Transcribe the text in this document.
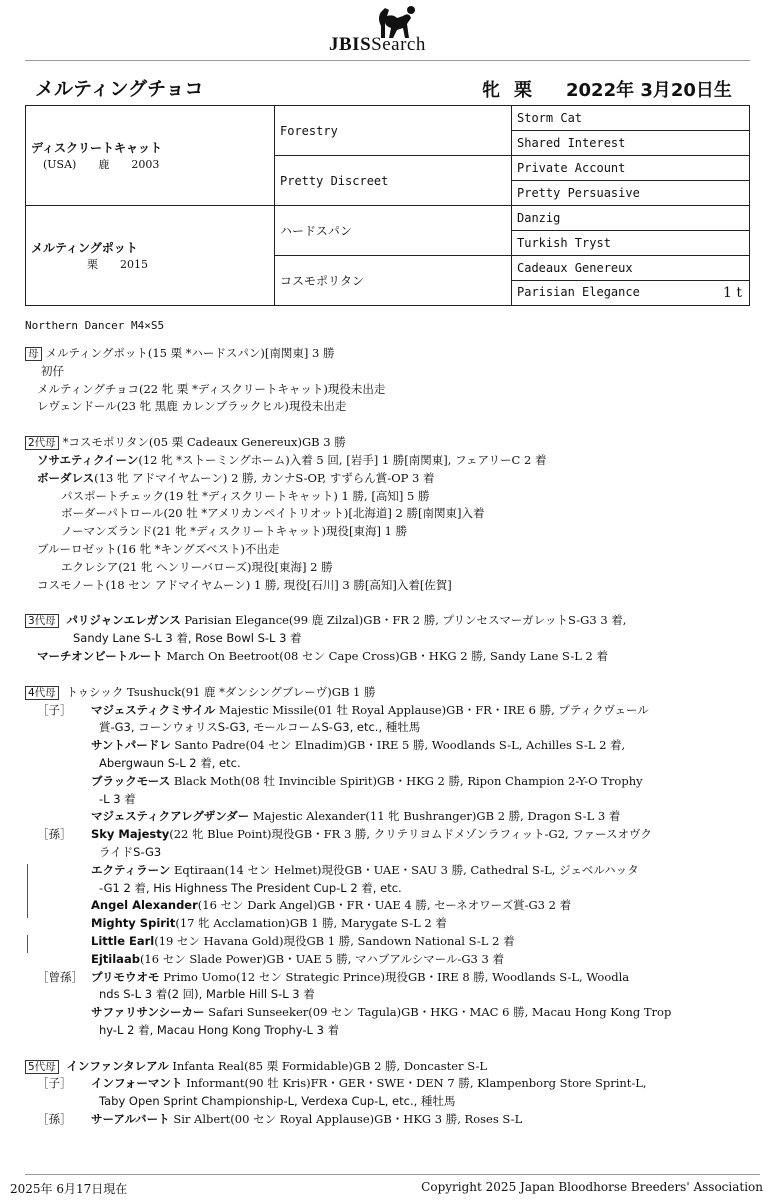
JBISSearch
メルティングチョコ	牝 栗 2022年 3月20日生
ディスクリートキャット
(USA)　　鹿　　2003	Forestry	Storm Cat
		Shared Interest
	Pretty Discreet	Private Account
		Pretty Persuasive

メルティングポット
　　　　栗　　2015	ハードスパン	Danzig
		Turkish Tryst
	コスモポリタン	Cadeaux Genereux
		Parisian Elegance 1 t
Northern Dancer M4×S5
母 メルティングポット(15 栗 *ハードスパン)[南関東] 3 勝
初仔
メルティングチョコ(22 牝 栗 *ディスクリートキャット)現役未出走
レヴェンドール(23 牝 黒鹿 カレンブラックヒル)現役未出走
2代母 *コスモポリタン(05 栗 Cadeaux Genereux)GB 3 勝
ソサエティクイーン(12 牝 *ストーミングホーム)入着 5 回, [岩手] 1 勝[南関東], フェアリーC 2 着
ボーダレス(13 牝 アドマイヤムーン) 2 勝, カンナS-OP, すずらん賞-OP 3 着
パスポートチェック(19 牡 *ディスクリートキャット) 1 勝, [高知] 5 勝
ボーダーパトロール(20 牡 *アメリカンペイトリオット)[北海道] 2 勝[南関東]入着
ノーマンズランド(21 牝 *ディスクリートキャット)現役[東海] 1 勝
ブルーロゼット(16 牝 *キングズベスト)不出走
エクレシア(21 牝 ヘンリーバローズ)現役[東海] 2 勝
コスモノート(18 セン アドマイヤムーン) 1 勝, 現役[石川] 3 勝[高知]入着[佐賀]
3代母 パリジャンエレガンス Parisian Elegance(99 鹿 Zilzal)GB・FR 2 勝, プリンセスマーガレットS-G3 3 着,
Sandy Lane S-L 3 着, Rose Bowl S-L 3 着
マーチオンビートルート March On Beetroot(08 セン Cape Cross)GB・HKG 2 勝, Sandy Lane S-L 2 着
4代母 トゥシック Tsushuck(91 鹿 *ダンシングブレーヴ)GB 1 勝
［子］ マジェスティクミサイル Majestic Missile(01 牡 Royal Applause)GB・FR・IRE 6 勝, プティクヴェール
賞-G3, コーンウォリスS-G3, モールコームS-G3, etc., 種牡馬
サントパードレ Santo Padre(04 セン Elnadim)GB・IRE 5 勝, Woodlands S-L, Achilles S-L 2 着,
Abergwaun S-L 2 着, etc.
ブラックモース Black Moth(08 牡 Invincible Spirit)GB・HKG 2 勝, Ripon Champion 2-Y-O Trophy
-L 3 着
マジェスティクアレグザンダー Majestic Alexander(11 牝 Bushranger)GB 2 勝, Dragon S-L 3 着
［孫］ Sky Majesty(22 牝 Blue Point)現役GB・FR 3 勝, クリテリヨムドメゾンラフィット-G2, ファースオヴク
ライドS-G3
エクティラーン Eqtiraan(14 セン Helmet)現役GB・UAE・SAU 3 勝, Cathedral S-L, ジェベルハッタ
-G1 2 着, His Highness The President Cup-L 2 着, etc.
Angel Alexander(16 セン Dark Angel)GB・FR・UAE 4 勝, セーネオワーズ賞-G3 2 着
Mighty Spirit(17 牝 Acclamation)GB 1 勝, Marygate S-L 2 着
Little Earl(19 セン Havana Gold)現役GB 1 勝, Sandown National S-L 2 着
Ejtilaab(16 セン Slade Power)GB・UAE 5 勝, マハブアルシマール-G3 3 着
［曾孫］ プリモウオモ Primo Uomo(12 セン Strategic Prince)現役GB・IRE 8 勝, Woodlands S-L, Woodla
nds S-L 3 着(2 回), Marble Hill S-L 3 着
サファリサンシーカー Safari Sunseeker(09 セン Tagula)GB・HKG・MAC 6 勝, Macau Hong Kong Trop
hy-L 2 着, Macau Hong Kong Trophy-L 3 着
5代母 インファンタレアル Infanta Real(85 栗 Formidable)GB 2 勝, Doncaster S-L
［子］ インフォーマント Informant(90 牡 Kris)FR・GER・SWE・DEN 7 勝, Klampenborg Store Sprint-L,
Taby Open Sprint Championship-L, Verdexa Cup-L, etc., 種牡馬
［孫］ サーアルバート Sir Albert(00 セン Royal Applause)GB・HKG 3 勝, Roses S-L
2025年 6月17日現在	Copyright 2025 Japan Bloodhorse Breeders' Association
